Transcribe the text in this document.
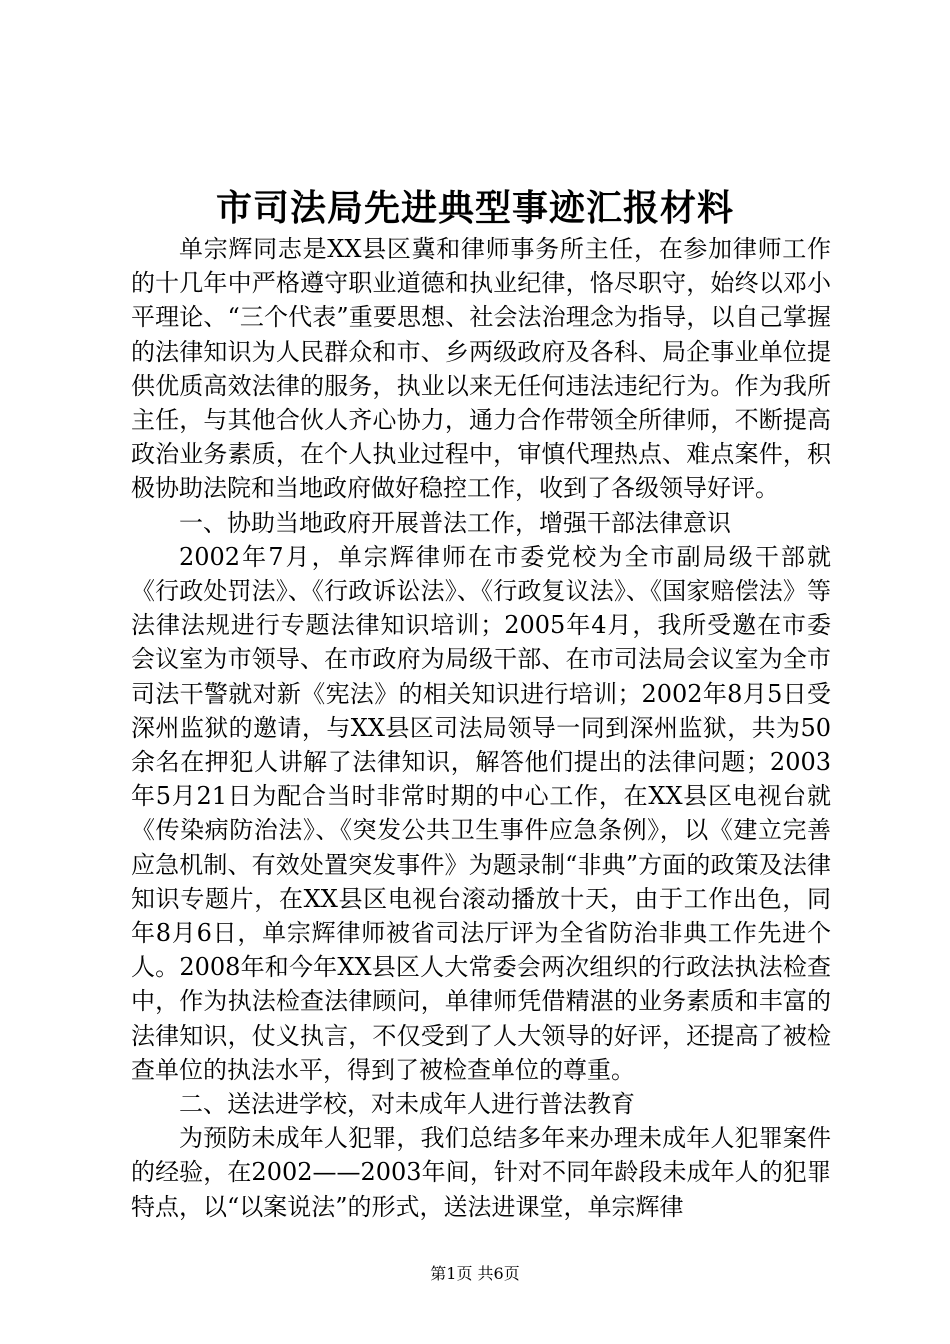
市司法局先进典型事迹汇报材料

单宗辉同志是XX县区冀和律师事务所主任，在参加律师工作的十几年中严格遵守职业道德和执业纪律，恪尽职守，始终以邓小平理论、“三个代表”重要思想、社会法治理念为指导，以自己掌握的法律知识为人民群众和市、乡两级政府及各科、局企事业单位提供优质高效法律的服务，执业以来无任何违法违纪行为。作为我所主任，与其他合伙人齐心协力，通力合作带领全所律师，不断提高政治业务素质，在个人执业过程中，审慎代理热点、难点案件，积极协助法院和当地政府做好稳控工作，收到了各级领导好评。

一、协助当地政府开展普法工作，增强干部法律意识

2002年7月，单宗辉律师在市委党校为全市副局级干部就《行政处罚法》、《行政诉讼法》、《行政复议法》、《国家赔偿法》等法律法规进行专题法律知识培训；2005年4月，我所受邀在市委会议室为市领导、在市政府为局级干部、在市司法局会议室为全市司法干警就对新《宪法》的相关知识进行培训；2002年8月5日受深州监狱的邀请，与XX县区司法局领导一同到深州监狱，共为50余名在押犯人讲解了法律知识，解答他们提出的法律问题；2003年5月21日为配合当时非常时期的中心工作，在XX县区电视台就《传染病防治法》、《突发公共卫生事件应急条例》，以《建立完善应急机制、有效处置突发事件》为题录制“非典”方面的政策及法律知识专题片，在XX县区电视台滚动播放十天，由于工作出色，同年8月6日，单宗辉律师被省司法厅评为全省防治非典工作先进个人。2008年和今年XX县区人大常委会两次组织的行政法执法检查中，作为执法检查法律顾问，单律师凭借精湛的业务素质和丰富的法律知识，仗义执言，不仅受到了人大领导的好评，还提高了被检查单位的执法水平，得到了被检查单位的尊重。

二、送法进学校，对未成年人进行普法教育

为预防未成年人犯罪，我们总结多年来办理未成年人犯罪案件的经验，在2002——2003年间，针对不同年龄段未成年人的犯罪特点，以“以案说法”的形式，送法进课堂，单宗辉律

第1页 共6页
